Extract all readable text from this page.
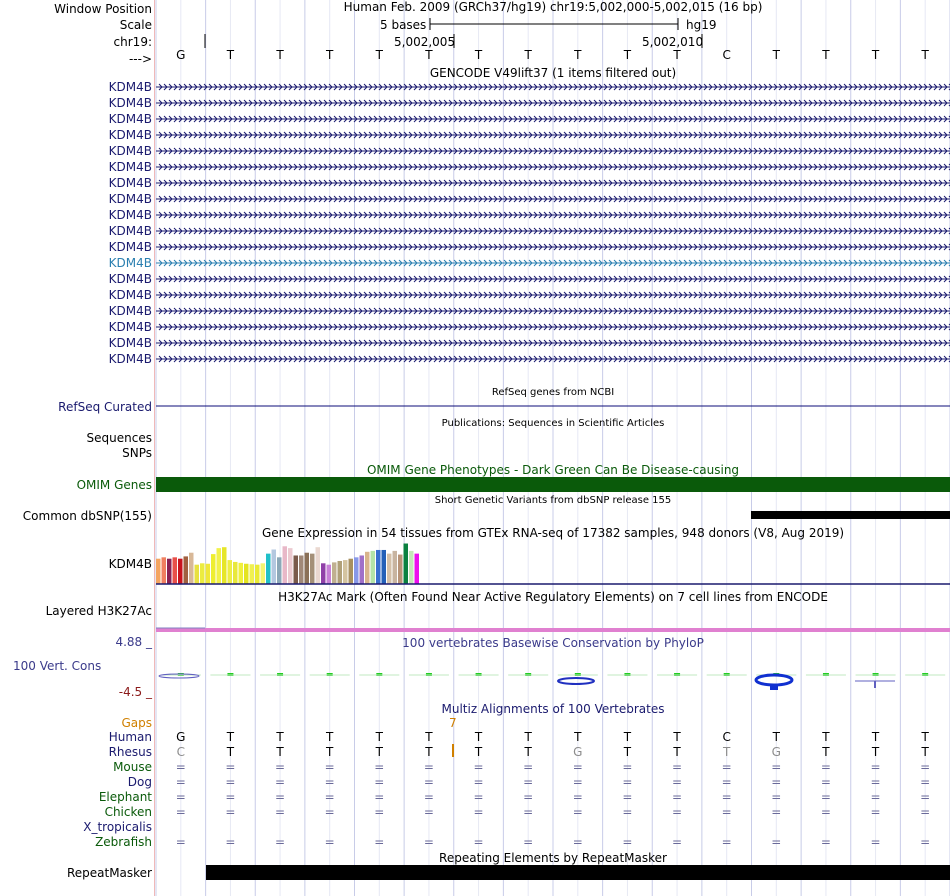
Window Position	Human Feb. 2009 (GRCh37/hg19) chr19:5,002,000-5,002,015 (16 bp)
Scale	5 bases	hg19
chr19:	5,002,005	5,002,010
--->	G	T	T	T	T	T	T	T	T	T	T	C	T	T	T	T
GENCODE V49lift37 (1 items filtered out)
KDM4B
KDM4B
KDM4B
KDM4B
KDM4B
KDM4B
KDM4B
KDM4B
KDM4B
KDM4B
KDM4B
KDM4B
KDM4B
KDM4B
KDM4B
KDM4B
KDM4B
KDM4B
RefSeq genes from NCBI
RefSeq Curated
Publications: Sequences in Scientific Articles
Sequences
SNPs
OMIM Gene Phenotypes - Dark Green Can Be Disease-causing
OMIM Genes
Short Genetic Variants from dbSNP release 155
Common dbSNP(155)
Gene Expression in 54 tissues from GTEx RNA-seq of 17382 samples, 948 donors (V8, Aug 2019)
KDM4B
H3K27Ac Mark (Often Found Near Active Regulatory Elements) on 7 cell lines from ENCODE
Layered H3K27Ac
4.88 _	100 vertebrates Basewise Conservation by PhyloP
100 Vert. Cons
-4.5 _
Multiz Alignments of 100 Vertebrates
Gaps	7
Human	G	T	T	T	T	T	T	T	T	T	T	C	T	T	T	T
Rhesus	C	T	T	T	T	T	T	T	G	T	T	T	G	T	T	T
Mouse	=	=	=	=	=	=	=	=	=	=	=	=	=	=	=	=
Dog	=	=	=	=	=	=	=	=	=	=	=	=	=	=	=	=
Elephant	=	=	=	=	=	=	=	=	=	=	=	=	=	=	=	=
Chicken	=	=	=	=	=	=	=	=	=	=	=	=	=	=	=	=
X_tropicalis
Zebrafish	=	=	=	=	=	=	=	=	=	=	=	=	=	=	=	=
Repeating Elements by RepeatMasker
RepeatMasker
